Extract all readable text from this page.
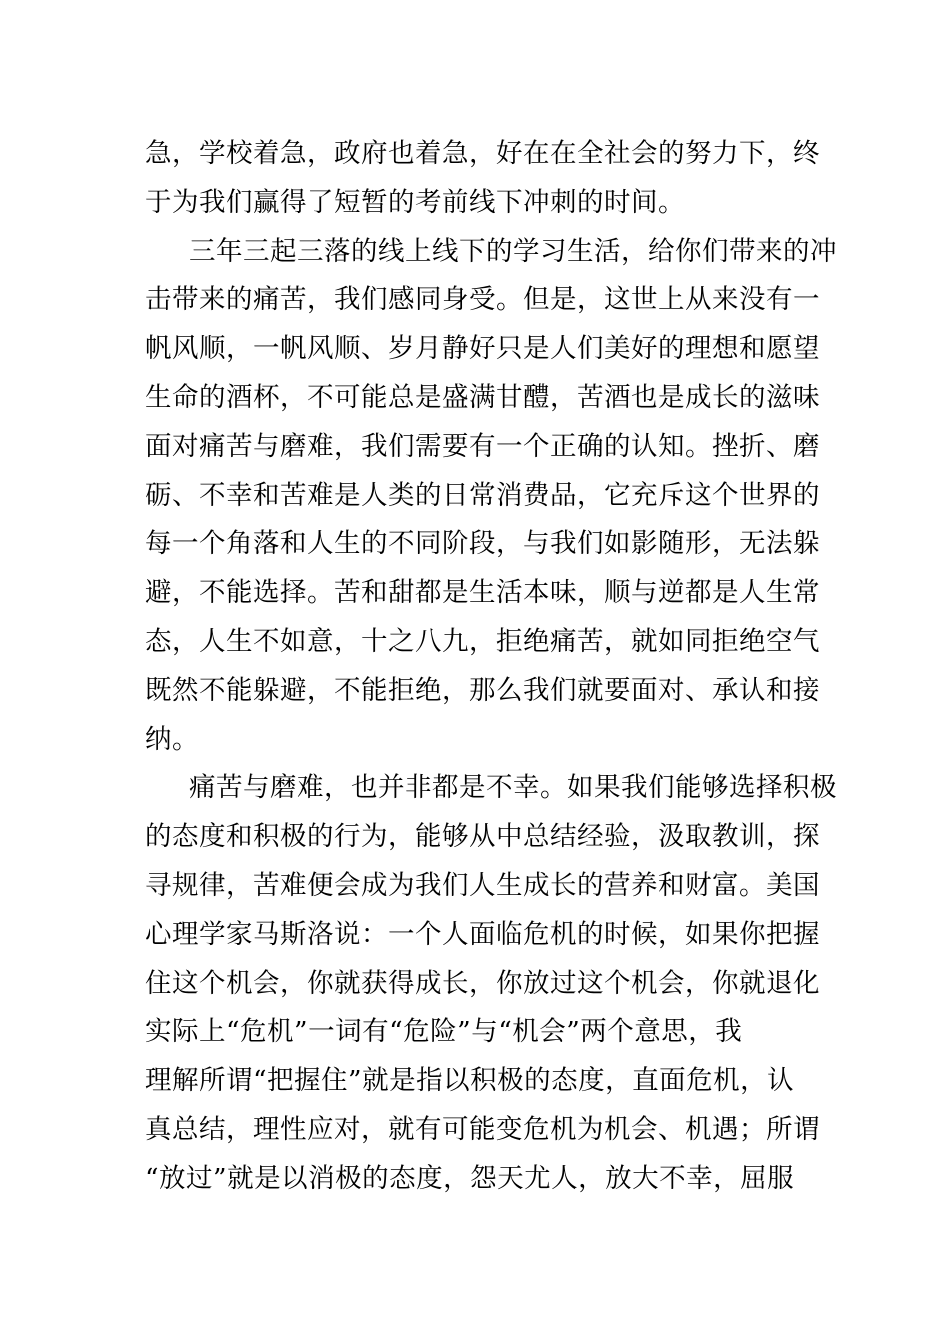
急，学校着急，政府也着急，好在在全社会的努力下，终
于为我们赢得了短暂的考前线下冲刺的时间。
三年三起三落的线上线下的学习生活，给你们带来的冲
击带来的痛苦，我们感同身受。但是，这世上从来没有一
帆风顺，一帆风顺、岁月静好只是人们美好的理想和愿望
生命的酒杯，不可能总是盛满甘醴，苦酒也是成长的滋味
面对痛苦与磨难，我们需要有一个正确的认知。挫折、磨
砺、不幸和苦难是人类的日常消费品，它充斥这个世界的
每一个角落和人生的不同阶段，与我们如影随形，无法躲
避，不能选择。苦和甜都是生活本味，顺与逆都是人生常
态，人生不如意，十之八九，拒绝痛苦，就如同拒绝空气
既然不能躲避，不能拒绝，那么我们就要面对、承认和接
纳。
痛苦与磨难，也并非都是不幸。如果我们能够选择积极
的态度和积极的行为，能够从中总结经验，汲取教训，探
寻规律，苦难便会成为我们人生成长的营养和财富。美国
心理学家马斯洛说：一个人面临危机的时候，如果你把握
住这个机会，你就获得成长，你放过这个机会，你就退化
实际上“危机”一词有“危险”与“机会”两个意思，我
理解所谓“把握住”就是指以积极的态度，直面危机，认
真总结，理性应对，就有可能变危机为机会、机遇；所谓
“放过”就是以消极的态度，怨天尤人，放大不幸，屈服
